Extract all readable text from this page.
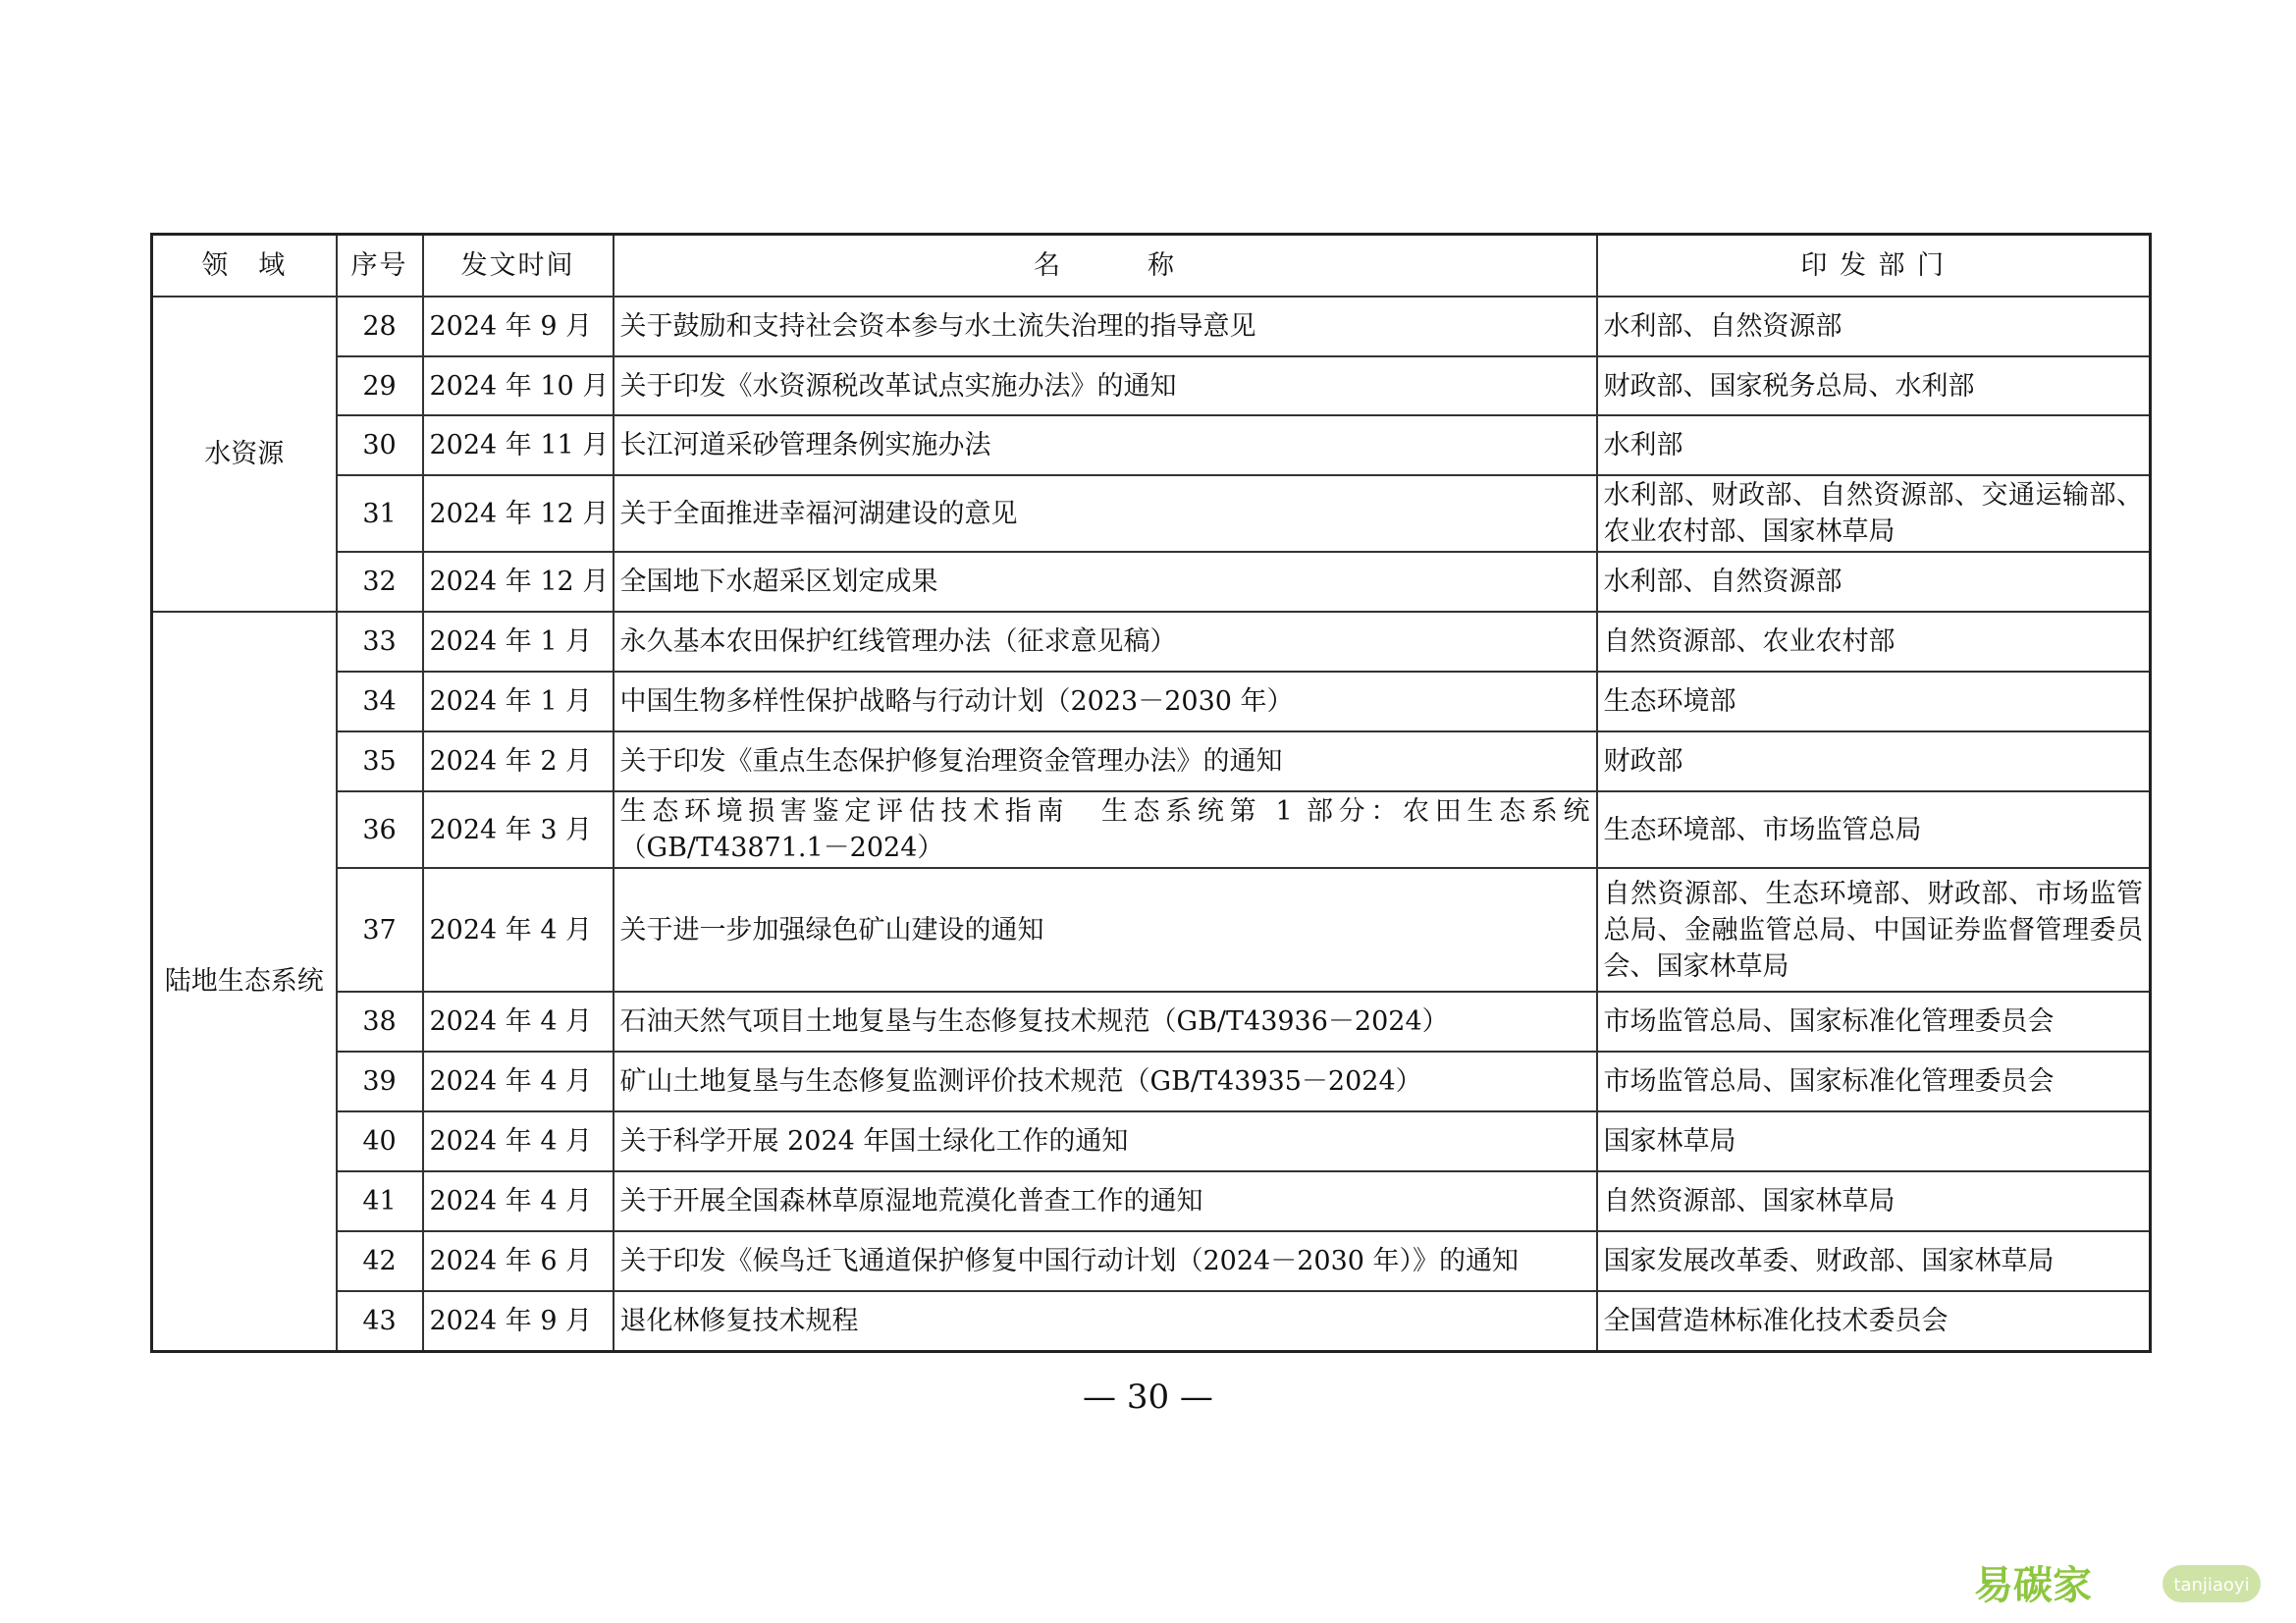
领　域	序号	发文时间	名　　　称	印 发 部 门
水资源	28	2024 年 9 月	关于鼓励和支持社会资本参与水土流失治理的指导意见	水利部、自然资源部
	29	2024 年 10 月	关于印发《水资源税改革试点实施办法》的通知	财政部、国家税务总局、水利部
	30	2024 年 11 月	长江河道采砂管理条例实施办法	水利部
	31	2024 年 12 月	关于全面推进幸福河湖建设的意见	水利部、财政部、自然资源部、交通运输部、农业农村部、国家林草局
	32	2024 年 12 月	全国地下水超采区划定成果	水利部、自然资源部
陆地生态系统	33	2024 年 1 月	永久基本农田保护红线管理办法（征求意见稿）	自然资源部、农业农村部
	34	2024 年 1 月	中国生物多样性保护战略与行动计划（2023－2030 年）	生态环境部
	35	2024 年 2 月	关于印发《重点生态保护修复治理资金管理办法》的通知	财政部
	36	2024 年 3 月	生态环境损害鉴定评估技术指南　生态系统第 1 部分：农田生态系统（GB/T43871.1－2024）	生态环境部、市场监管总局
	37	2024 年 4 月	关于进一步加强绿色矿山建设的通知	自然资源部、生态环境部、财政部、市场监管总局、金融监管总局、中国证券监督管理委员会、国家林草局
	38	2024 年 4 月	石油天然气项目土地复垦与生态修复技术规范（GB/T43936－2024）	市场监管总局、国家标准化管理委员会
	39	2024 年 4 月	矿山土地复垦与生态修复监测评价技术规范（GB/T43935－2024）	市场监管总局、国家标准化管理委员会
	40	2024 年 4 月	关于科学开展 2024 年国土绿化工作的通知	国家林草局
	41	2024 年 4 月	关于开展全国森林草原湿地荒漠化普查工作的通知	自然资源部、国家林草局
	42	2024 年 6 月	关于印发《候鸟迁飞通道保护修复中国行动计划（2024－2030 年）》的通知	国家发展改革委、财政部、国家林草局
	43	2024 年 9 月	退化林修复技术规程	全国营造林标准化技术委员会
— 30 —
易碳家	tanjiaoyi
